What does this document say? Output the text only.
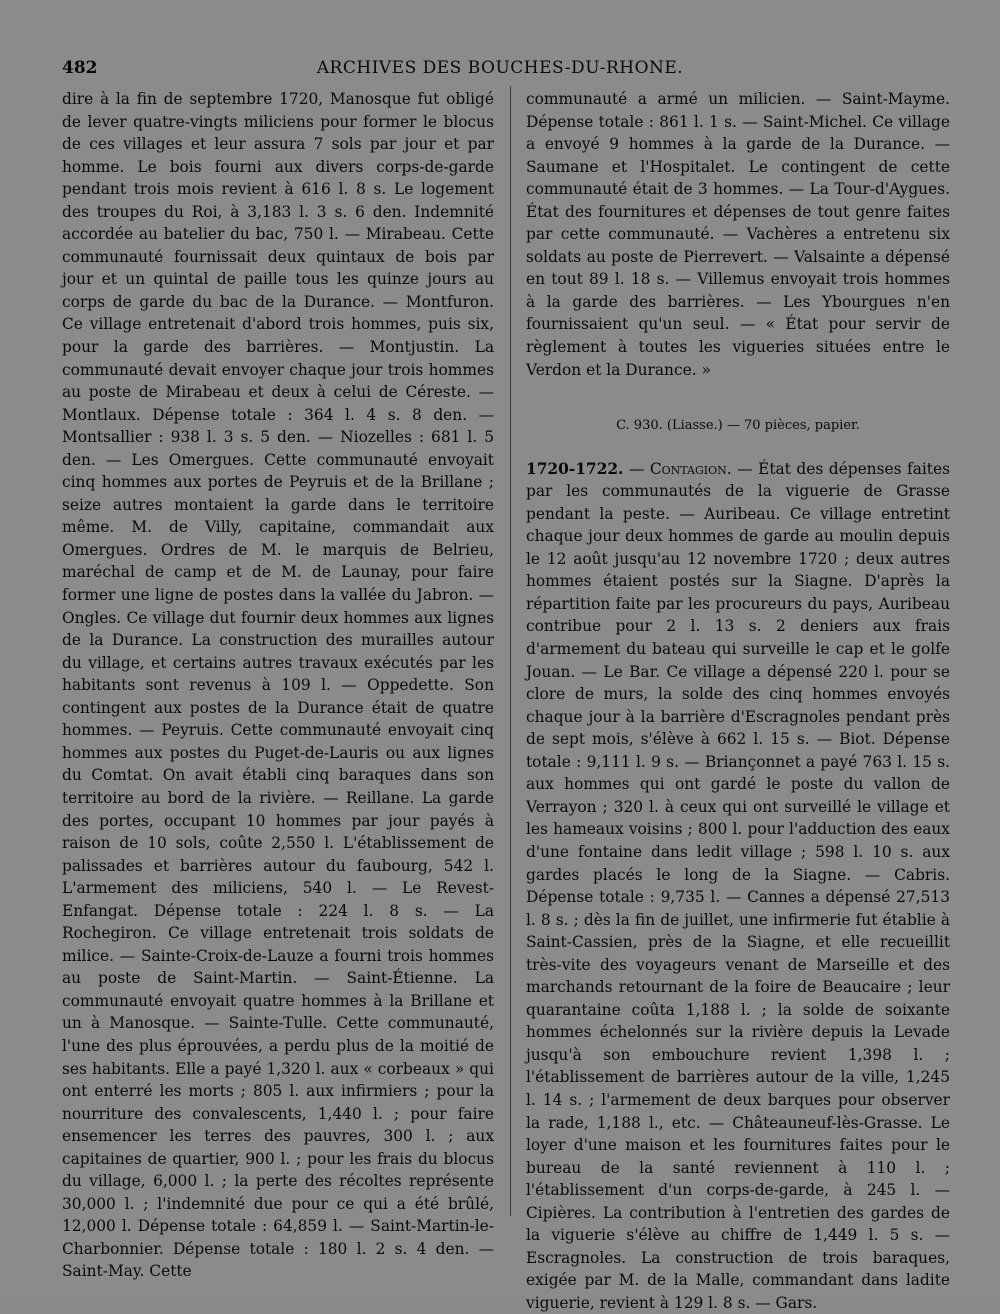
482	ARCHIVES DES BOUCHES-DU-RHONE.

dire à la fin de septembre 1720, Manosque fut obligé de lever quatre-vingts miliciens pour former le blocus de ces villages et leur assura 7 sols par jour et par homme. Le bois fourni aux divers corps-de-garde pendant trois mois revient à 616 l. 8 s. Le logement des troupes du Roi, à 3,183 l. 3 s. 6 den. Indemnité accordée au batelier du bac, 750 l. — Mirabeau. Cette communauté fournissait deux quintaux de bois par jour et un quintal de paille tous les quinze jours au corps de garde du bac de la Durance. — Montfuron. Ce village entretenait d'abord trois hommes, puis six, pour la garde des barrières. — Montjustin. La communauté devait envoyer chaque jour trois hommes au poste de Mirabeau et deux à celui de Céreste. — Montlaux. Dépense totale : 364 l. 4 s. 8 den. — Montsallier : 938 l. 3 s. 5 den. — Niozelles : 681 l. 5 den. — Les Omergues. Cette communauté envoyait cinq hommes aux portes de Peyruis et de la Brillane ; seize autres montaient la garde dans le territoire même. M. de Villy, capitaine, commandait aux Omergues. Ordres de M. le marquis de Belrieu, maréchal de camp et de M. de Launay, pour faire former une ligne de postes dans la vallée du Jabron. — Ongles. Ce village dut fournir deux hommes aux lignes de la Durance. La construction des murailles autour du village, et certains autres travaux exécutés par les habitants sont revenus à 109 l. — Oppedette. Son contingent aux postes de la Durance était de quatre hommes. — Peyruis. Cette communauté envoyait cinq hommes aux postes du Puget-de-Lauris ou aux lignes du Comtat. On avait établi cinq baraques dans son territoire au bord de la rivière. — Reillane. La garde des portes, occupant 10 hommes par jour payés à raison de 10 sols, coûte 2,550 l. L'établissement de palissades et barrières autour du faubourg, 542 l. L'armement des miliciens, 540 l. — Le Revest-Enfangat. Dépense totale : 224 l. 8 s. — La Rochegiron. Ce village entretenait trois soldats de milice. — Sainte-Croix-de-Lauze a fourni trois hommes au poste de Saint-Martin. — Saint-Étienne. La communauté envoyait quatre hommes à la Brillane et un à Manosque. — Sainte-Tulle. Cette communauté, l'une des plus éprouvées, a perdu plus de la moitié de ses habitants. Elle a payé 1,320 l. aux « corbeaux » qui ont enterré les morts ; 805 l. aux infirmiers ; pour la nourriture des convalescents, 1,440 l. ; pour faire ensemencer les terres des pauvres, 300 l. ; aux capitaines de quartier, 900 l. ; pour les frais du blocus du village, 6,000 l. ; la perte des récoltes représente 30,000 l. ; l'indemnité due pour ce qui a été brûlé, 12,000 l. Dépense totale : 64,859 l. — Saint-Martin-le-Charbonnier. Dépense totale : 180 l. 2 s. 4 den. — Saint-May. Cette

communauté a armé un milicien. — Saint-Mayme. Dépense totale : 861 l. 1 s. — Saint-Michel. Ce village a envoyé 9 hommes à la garde de la Durance. — Saumane et l'Hospitalet. Le contingent de cette communauté était de 3 hommes. — La Tour-d'Aygues. État des fournitures et dépenses de tout genre faites par cette communauté. — Vachères a entretenu six soldats au poste de Pierrevert. — Valsainte a dépensé en tout 89 l. 18 s. — Villemus envoyait trois hommes à la garde des barrières. — Les Ybourgues n'en fournissaient qu'un seul. — « État pour servir de règlement à toutes les vigueries situées entre le Verdon et la Durance. »

C. 930. (Liasse.) — 70 pièces, papier.

1720-1722. — Contagion. — État des dépenses faites par les communautés de la viguerie de Grasse pendant la peste. — Auribeau. Ce village entretint chaque jour deux hommes de garde au moulin depuis le 12 août jusqu'au 12 novembre 1720 ; deux autres hommes étaient postés sur la Siagne. D'après la répartition faite par les procureurs du pays, Auribeau contribue pour 2 l. 13 s. 2 deniers aux frais d'armement du bateau qui surveille le cap et le golfe Jouan. — Le Bar. Ce village a dépensé 220 l. pour se clore de murs, la solde des cinq hommes envoyés chaque jour à la barrière d'Escragnoles pendant près de sept mois, s'élève à 662 l. 15 s. — Biot. Dépense totale : 9,111 l. 9 s. — Briançonnet a payé 763 l. 15 s. aux hommes qui ont gardé le poste du vallon de Verrayon ; 320 l. à ceux qui ont surveillé le village et les hameaux voisins ; 800 l. pour l'adduction des eaux d'une fontaine dans ledit village ; 598 l. 10 s. aux gardes placés le long de la Siagne. — Cabris. Dépense totale : 9,735 l. — Cannes a dépensé 27,513 l. 8 s. ; dès la fin de juillet, une infirmerie fut établie à Saint-Cassien, près de la Siagne, et elle recueillit très-vite des voyageurs venant de Marseille et des marchands retournant de la foire de Beaucaire ; leur quarantaine coûta 1,188 l. ; la solde de soixante hommes échelonnés sur la rivière depuis la Levade jusqu'à son embouchure revient 1,398 l. ; l'établissement de barrières autour de la ville, 1,245 l. 14 s. ; l'armement de deux barques pour observer la rade, 1,188 l., etc. — Châteauneuf-lès-Grasse. Le loyer d'une maison et les fournitures faites pour le bureau de la santé reviennent à 110 l. ; l'établissement d'un corps-de-garde, à 245 l. — Cipières. La contribution à l'entretien des gardes de la viguerie s'élève au chiffre de 1,449 l. 5 s. — Escragnoles. La construction de trois baraques, exigée par M. de la Malle, commandant dans ladite viguerie, revient à 129 l. 8 s. — Gars.
